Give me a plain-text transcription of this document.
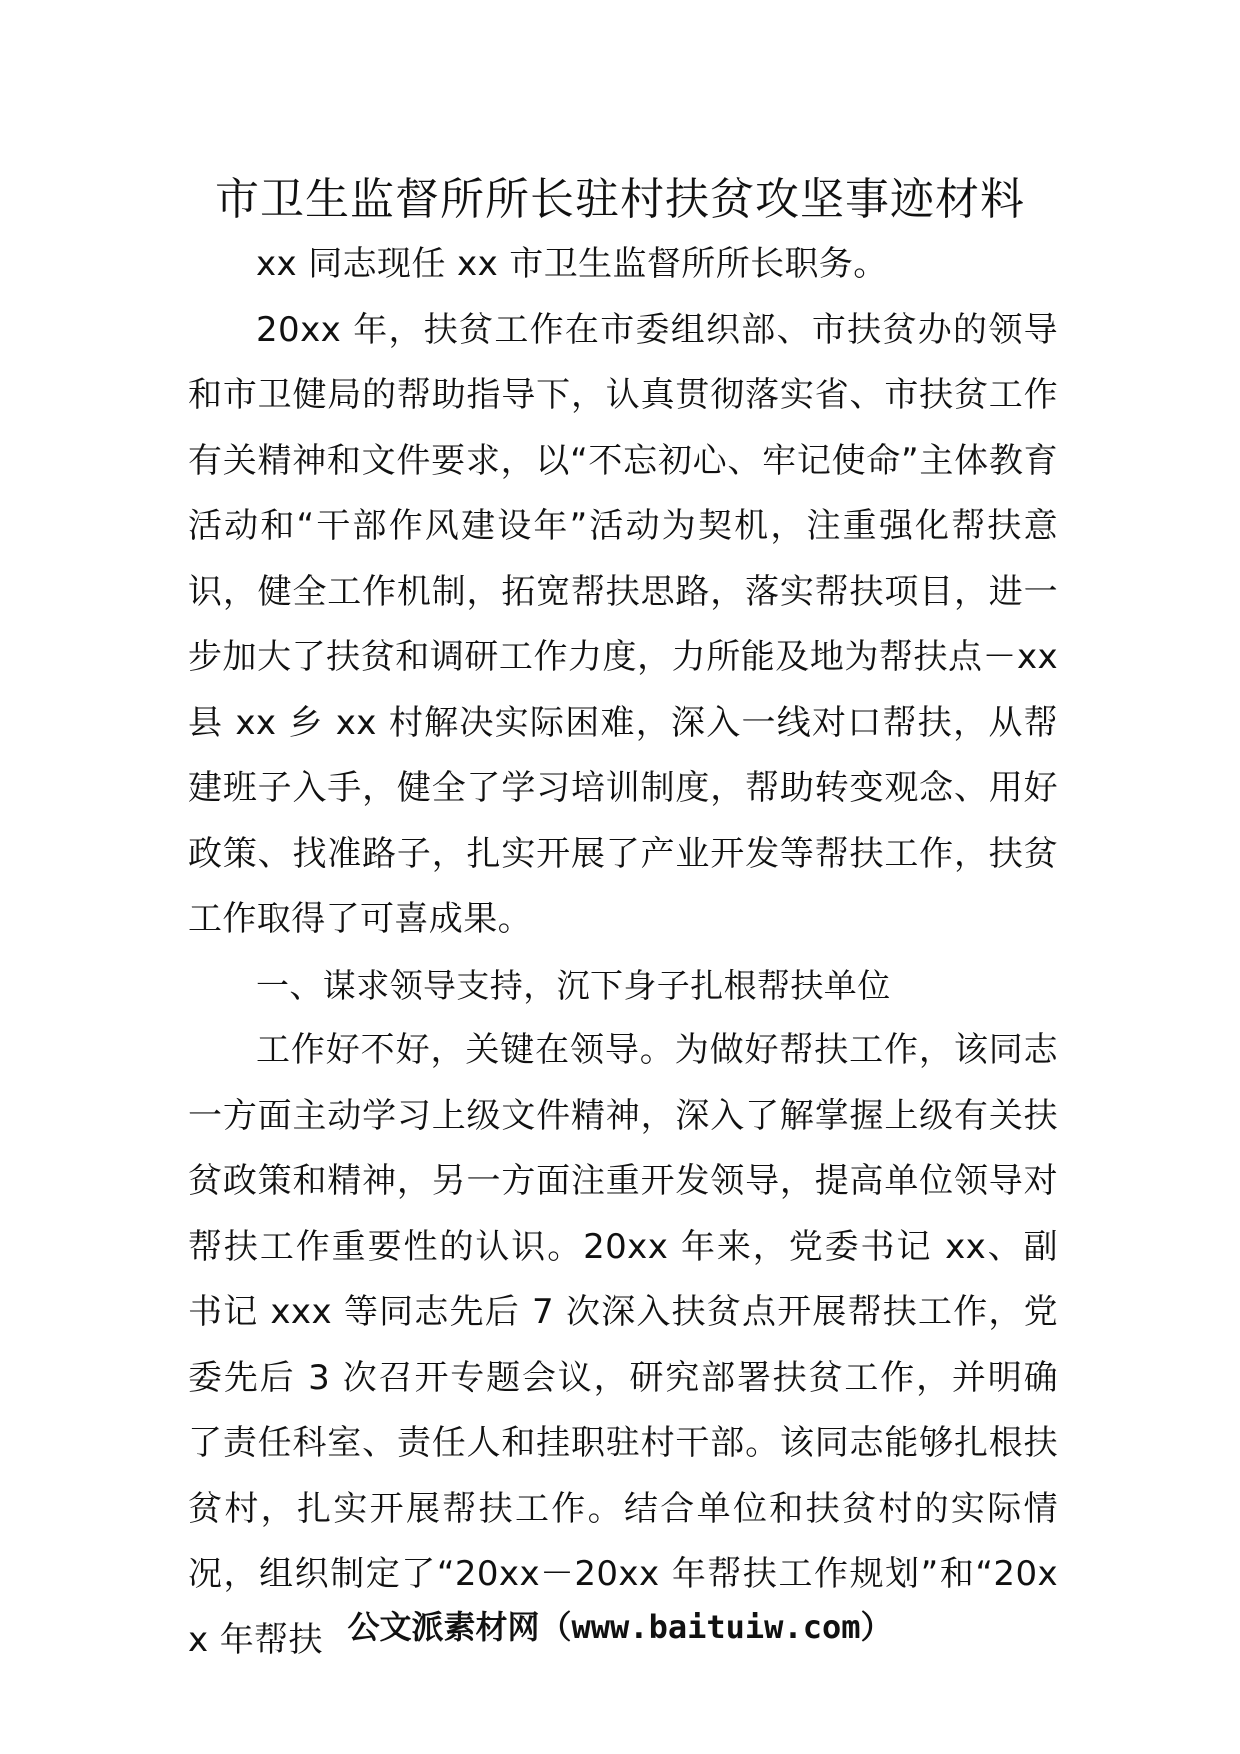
市卫生监督所所长驻村扶贫攻坚事迹材料

xx 同志现任 xx 市卫生监督所所长职务。

20xx 年，扶贫工作在市委组织部、市扶贫办的领导和市卫健局的帮助指导下，认真贯彻落实省、市扶贫工作有关精神和文件要求，以“不忘初心、牢记使命”主体教育活动和“干部作风建设年”活动为契机，注重强化帮扶意识，健全工作机制，拓宽帮扶思路，落实帮扶项目，进一步加大了扶贫和调研工作力度，力所能及地为帮扶点－xx 县 xx 乡 xx 村解决实际困难，深入一线对口帮扶，从帮建班子入手，健全了学习培训制度，帮助转变观念、用好政策、找准路子，扎实开展了产业开发等帮扶工作，扶贫工作取得了可喜成果。

一、谋求领导支持，沉下身子扎根帮扶单位

工作好不好，关键在领导。为做好帮扶工作，该同志一方面主动学习上级文件精神，深入了解掌握上级有关扶贫政策和精神，另一方面注重开发领导，提高单位领导对帮扶工作重要性的认识。20xx 年来，党委书记 xx、副书记 xxx 等同志先后 7 次深入扶贫点开展帮扶工作，党委先后 3 次召开专题会议，研究部署扶贫工作，并明确了责任科室、责任人和挂职驻村干部。该同志能够扎根扶贫村，扎实开展帮扶工作。结合单位和扶贫村的实际情况，组织制定了“20xx－20xx 年帮扶工作规划”和“20xx 年帮扶 公文派素材网（www.baituiw.com）
